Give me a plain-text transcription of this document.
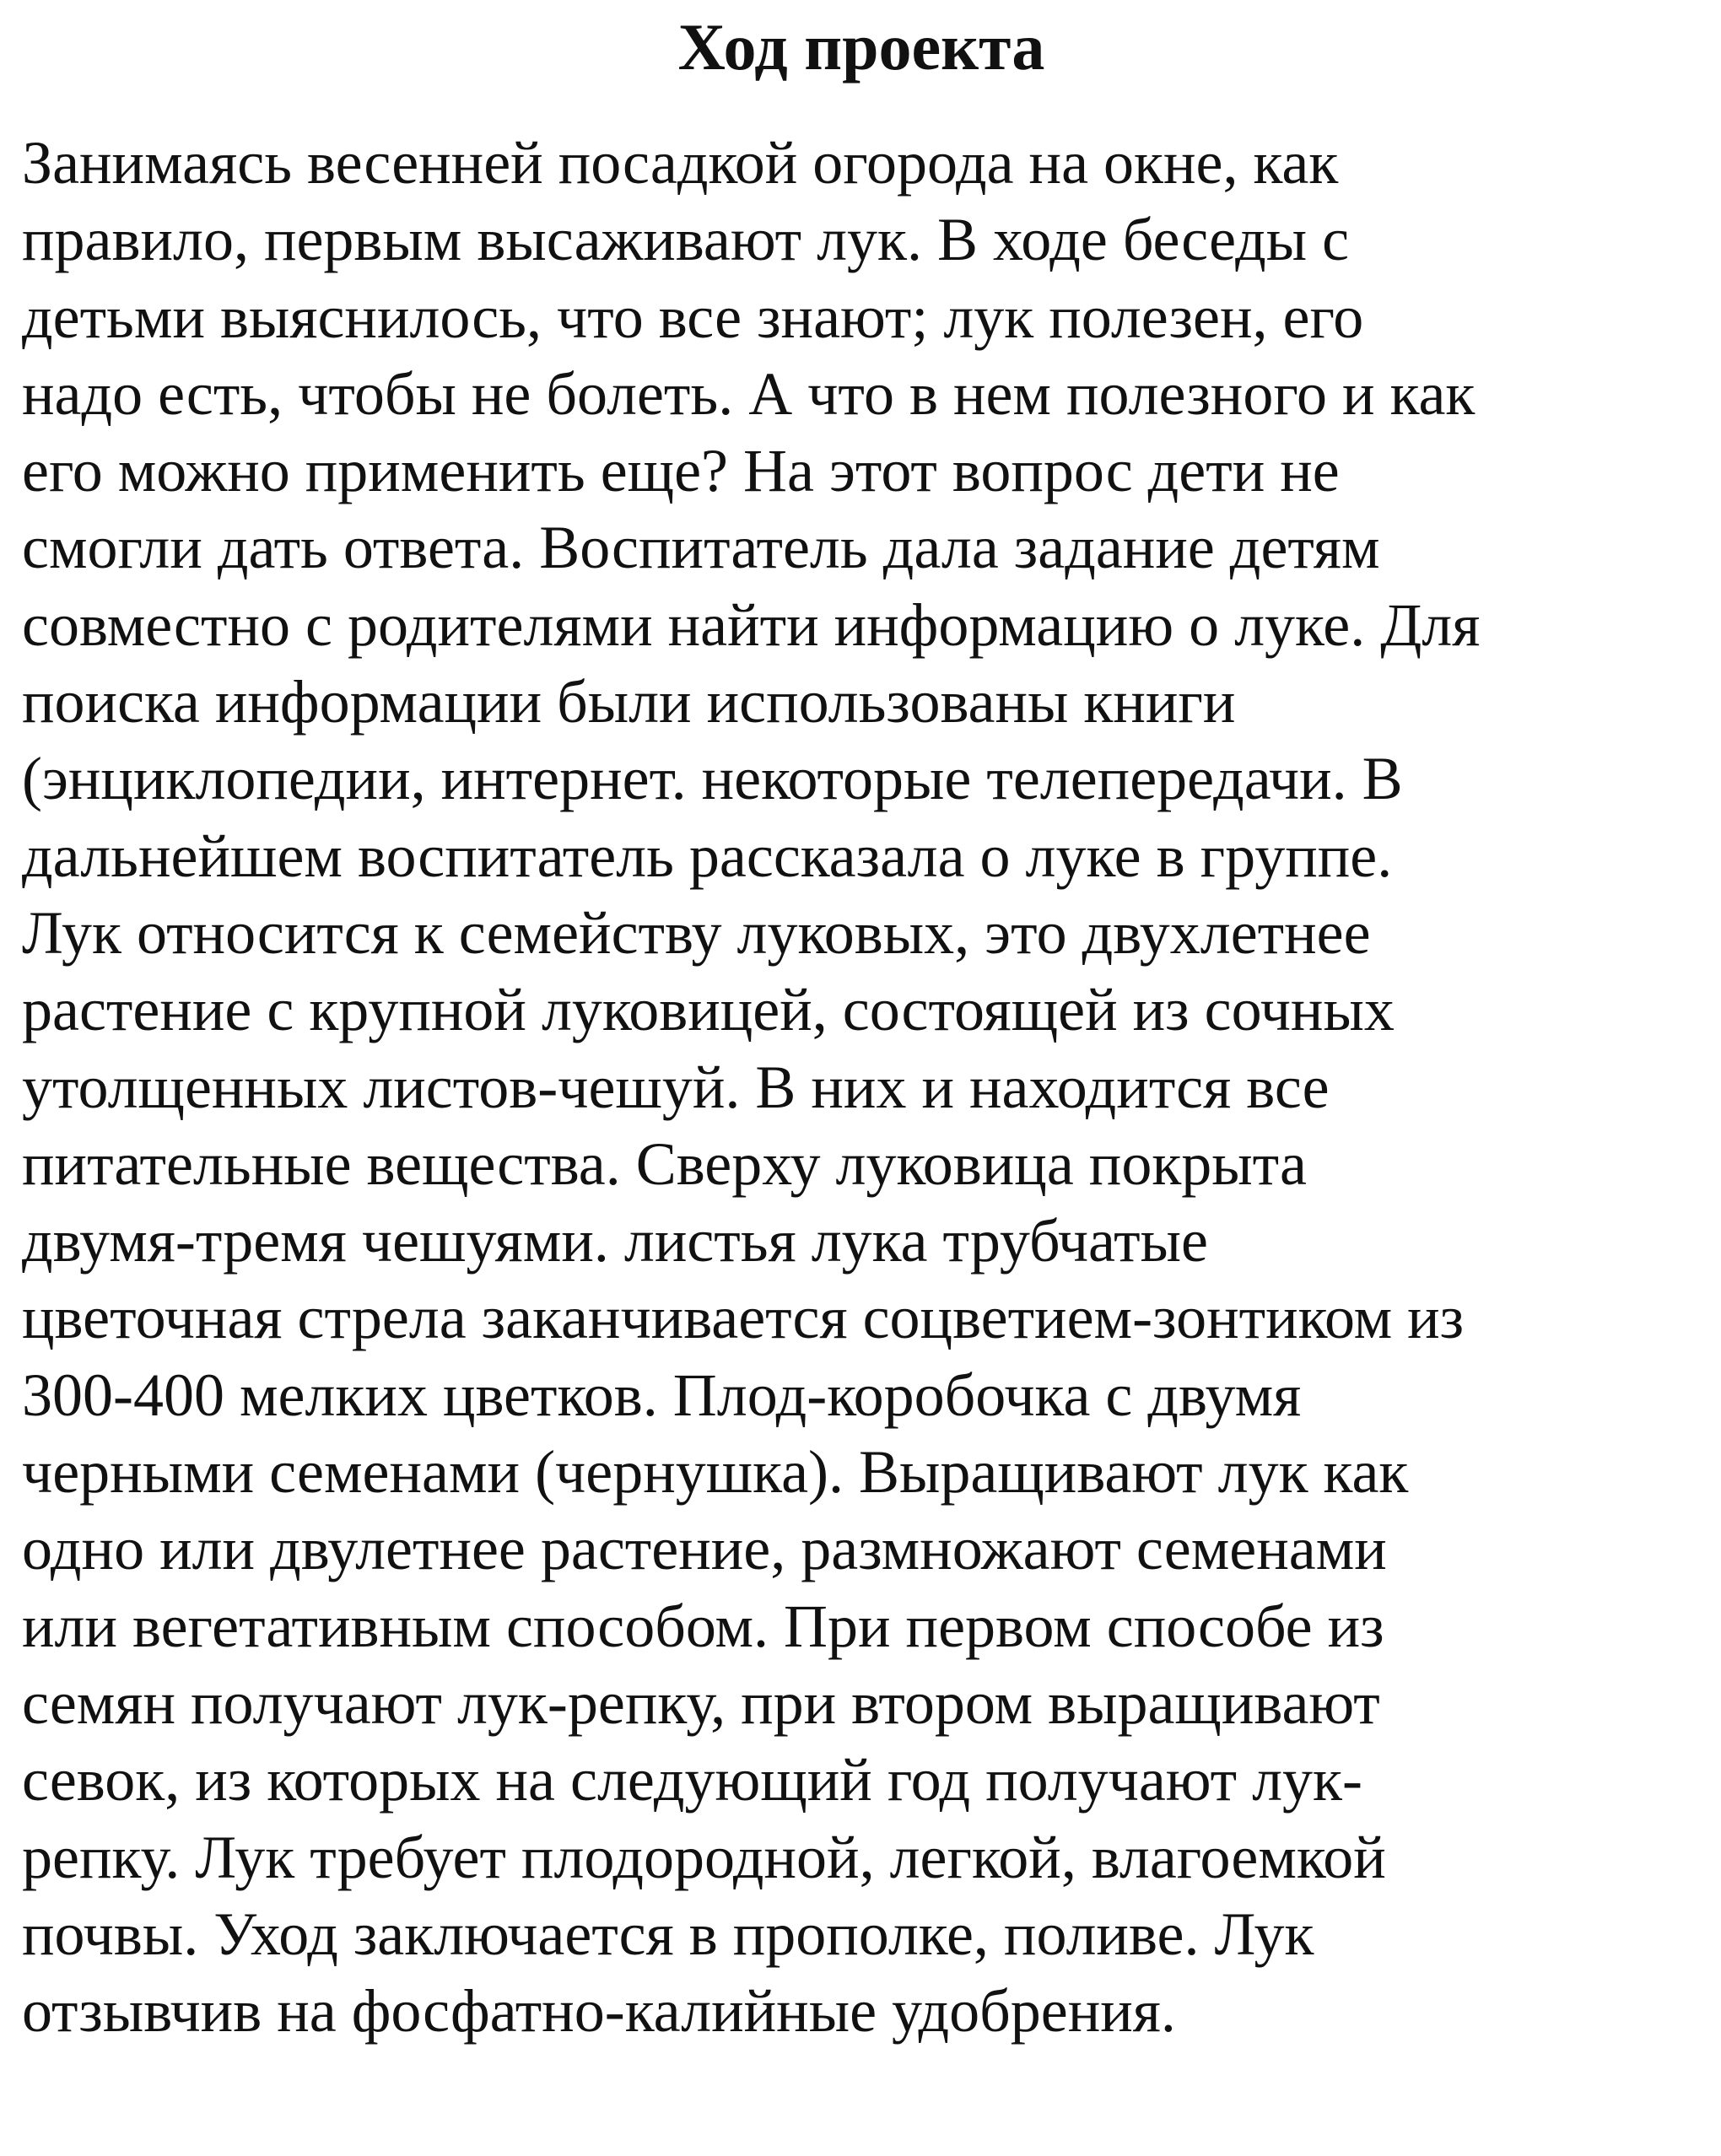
Ход проекта
Занимаясь весенней посадкой огорода на окне, как
правило, первым высаживают лук. В ходе беседы с
детьми выяснилось, что все знают; лук полезен, его
надо есть, чтобы не болеть. А что в нем полезного и как
его можно применить еще? На этот вопрос дети не
смогли дать ответа. Воспитатель дала задание детям
совместно с родителями найти информацию о луке. Для
поиска информации были использованы книги
(энциклопедии, интернет. некоторые телепередачи. В
дальнейшем воспитатель рассказала о луке в группе.
Лук относится к семейству луковых, это двухлетнее
растение с крупной луковицей, состоящей из сочных
утолщенных листов-чешуй. В них и находится все
питательные вещества. Сверху луковица покрыта
двумя-тремя чешуями. листья лука трубчатые
цветочная стрела заканчивается соцветием-зонтиком из
300-400 мелких цветков. Плод-коробочка с двумя
черными семенами (чернушка). Выращивают лук как
одно или двулетнее растение, размножают семенами
или вегетативным способом. При первом способе из
семян получают лук-репку, при втором выращивают
севок, из которых на следующий год получают лук-
репку. Лук требует плодородной, легкой, влагоемкой
почвы. Уход заключается в прополке, поливе. Лук
отзывчив на фосфатно-калийные удобрения.
